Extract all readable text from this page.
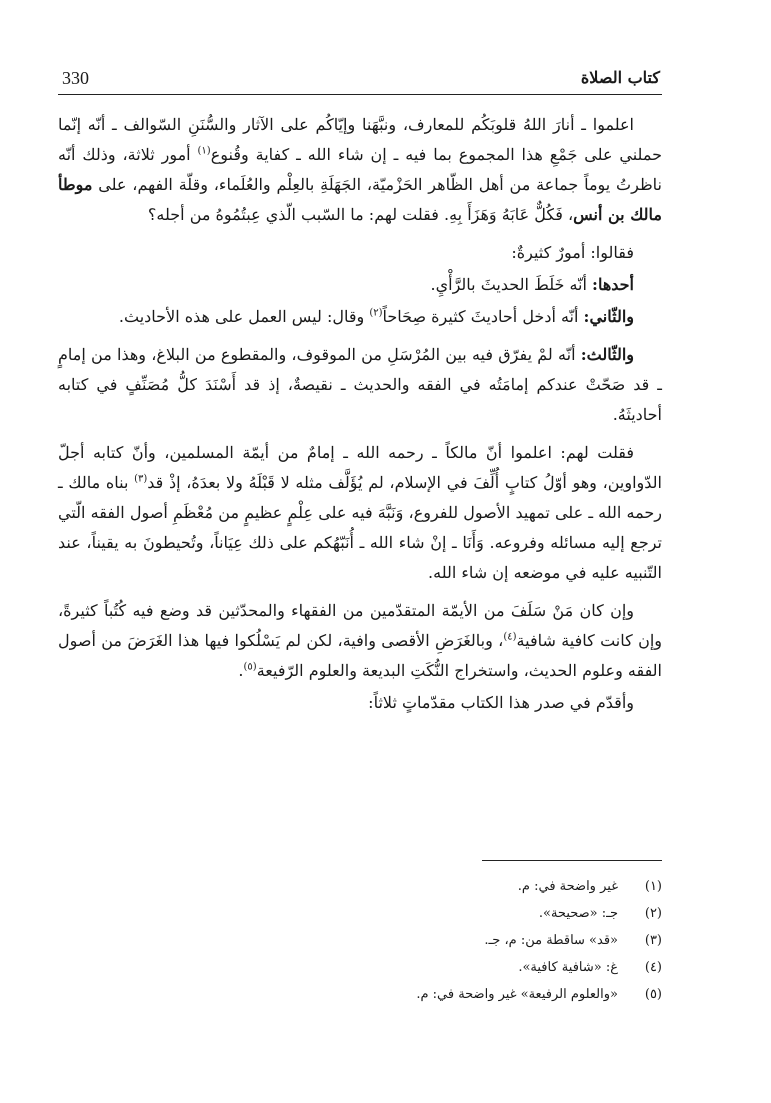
330	كتاب الصلاة

اعلموا ـ أنارَ اللهُ قلوبَكُم للمعارف، ونبَّهَنا وإيّاكُم على الآثار والسُّنَنِ السّوالف ـ أنّه إنّما حملني على جَمْعِ هذا المجموع بما فيه ـ إن شاء الله ـ كفاية وقُنوع$^{(١)}$ أمور ثلاثة، وذلك أنّه ناظرتُ يوماً جماعة من أهل الظّاهر الحَزْميّة، الجَهَلَةِ بالعِلْم والعُلَماء، وقلّة الفهم، على موطأ مالك بن أنس، فَكُلٌّ عَابَهُ وَهَزَأَ بِهِ. فقلت لهم: ما السّبب الّذي عِبتُمُوهُ من أجله؟

فقالوا: أمورٌ كثيرةٌ:

أحدها: أنّه خَلَطَ الحديثَ بالرَّأْيِ.

والثّاني: أنّه أدخل أحاديثَ كثيرة صِحَاحاً$^{(٢)}$ وقال: ليس العمل على هذه الأحاديث.

والثّالث: أنّه لمْ يفرّق فيه بين المُرْسَلِ من الموقوف، والمقطوع من البلاغ، وهذا من إمامٍ ـ قد صَحّتْ عندكم إمامَتُه في الفقه والحديث ـ نقيصةٌ، إذ قد أَسْنَدَ كلُّ مُصَنِّفٍ في كتابه أحاديثَهُ.

فقلت لهم: اعلموا أنّ مالكاً ـ رحمه الله ـ إمامٌ من أيمّة المسلمين، وأنّ كتابه أجلّ الدّواوين، وهو أوّلُ كتابٍ أُلِّفَ في الإسلام، لم يُؤَلَّف مثله لا قَبْلَهُ ولا بعدَهُ، إذْ قد$^{(٣)}$ بناه مالك ـ رحمه الله ـ على تمهيد الأصول للفروع، وَنَبَّهَ فيه على عِلْمٍ عظيمٍ من مُعْظَمِ أصول الفقه الّتي ترجع إليه مسائله وفروعه. وَأَنَا ـ إنْ شاء الله ـ أُنَبّهُكم على ذلك عِيَاناً، وتُحيطونَ به يقيناً، عند التّنبيه عليه في موضعه إن شاء الله.

وإن كان مَنْ سَلَفَ من الأيمّة المتقدّمين من الفقهاء والمحدّثين قد وضع فيه كُتُباً كثيرةً، وإن كانت كافية شافية$^{(٤)}$، وبالغَرَضِ الأقصى وافية، لكن لم يَسْلُكوا فيها هذا الغَرَضَ من أصول الفقه وعلوم الحديث، واستخراج النُّكَتِ البديعة والعلوم الرّفيعة$^{(٥)}$.

وأقدّم في صدر هذا الكتاب مقدّماتٍ ثلاثاً:

(١)
غير واضحة في: م.
(٢)
جـ: «صحيحة».
(٣)
«قد» ساقطة من: م، جـ.
(٤)
غ: «شافية كافية».
(٥)
«والعلوم الرفيعة» غير واضحة في: م.
